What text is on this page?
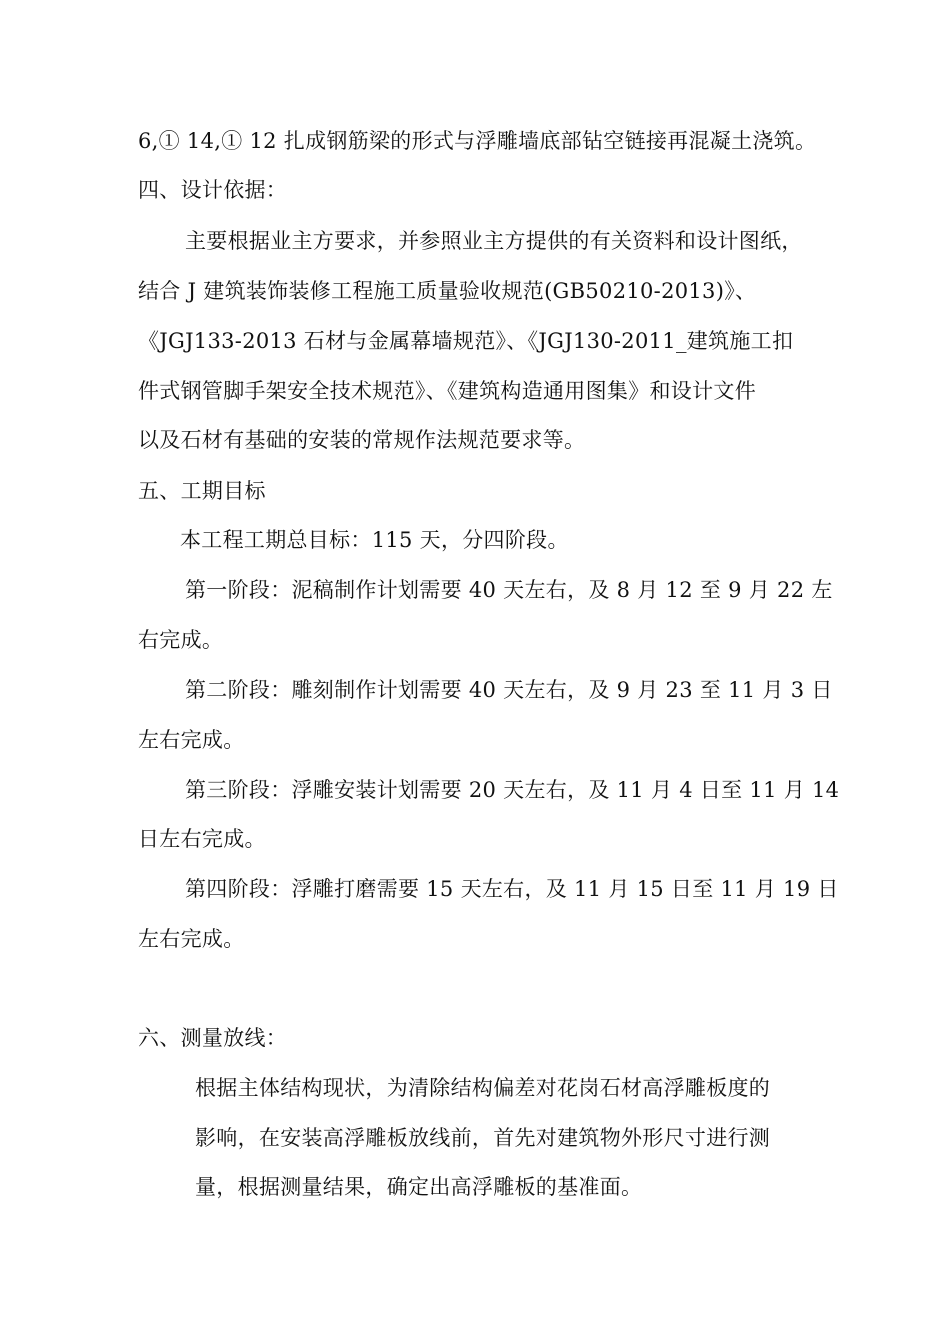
6,① 14,① 12 扎成钢筋梁的形式与浮雕墙底部钻空链接再混凝土浇筑。
四、设计依据：
主要根据业主方要求，并参照业主方提供的有关资料和设计图纸，
结合 J 建筑装饰装修工程施工质量验收规范(GB50210-2013)》、
《JGJ133-2013 石材与金属幕墙规范》、《JGJ130-2011_建筑施工扣
件式钢管脚手架安全技术规范》、《建筑构造通用图集》和设计文件
以及石材有基础的安装的常规作法规范要求等。
五、工期目标
本工程工期总目标：115 天，分四阶段。
第一阶段：泥稿制作计划需要 40 天左右，及 8 月 12 至 9 月 22 左
右完成。
第二阶段：雕刻制作计划需要 40 天左右，及 9 月 23 至 11 月 3 日
左右完成。
第三阶段：浮雕安装计划需要 20 天左右，及 11 月 4 日至 11 月 14
日左右完成。
第四阶段：浮雕打磨需要 15 天左右，及 11 月 15 日至 11 月 19 日
左右完成。
六、测量放线：
根据主体结构现状，为清除结构偏差对花岗石材高浮雕板度的
影响，在安装高浮雕板放线前，首先对建筑物外形尺寸进行测
量，根据测量结果，确定出高浮雕板的基准面。
